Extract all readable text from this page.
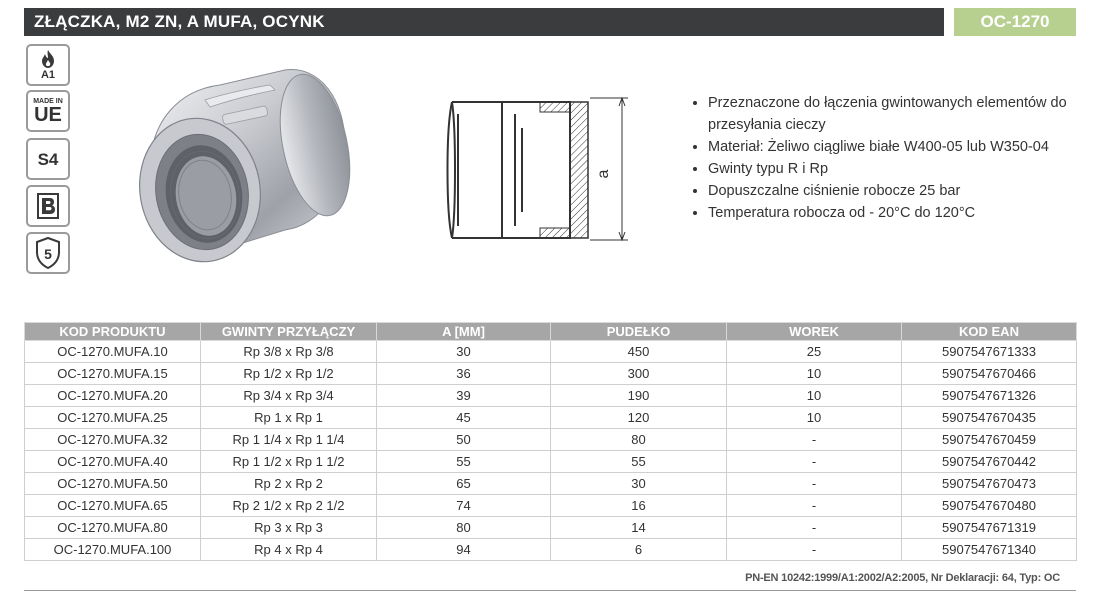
ZŁĄCZKA, M2 ZN, A MUFA, OCYNK	OC-1270
A1
MADE IN
UE
S4
5
a
• Przeznaczone do łączenia gwintowanych elementów do przesyłania cieczy
• Materiał: Żeliwo ciągliwe białe W400-05 lub W350-04
• Gwinty typu R i Rp
• Dopuszczalne ciśnienie robocze 25 bar
• Temperatura robocza od - 20°C do 120°C
KOD PRODUKTU	GWINTY PRZYŁĄCZY	A [MM]	PUDEŁKO	WOREK	KOD EAN
OC-1270.MUFA.10	Rp 3/8 x Rp 3/8	30	450	25	5907547671333
OC-1270.MUFA.15	Rp 1/2 x Rp 1/2	36	300	10	5907547670466
OC-1270.MUFA.20	Rp 3/4 x Rp 3/4	39	190	10	5907547671326
OC-1270.MUFA.25	Rp 1 x Rp 1	45	120	10	5907547670435
OC-1270.MUFA.32	Rp 1 1/4 x Rp 1 1/4	50	80	-	5907547670459
OC-1270.MUFA.40	Rp 1 1/2 x Rp 1 1/2	55	55	-	5907547670442
OC-1270.MUFA.50	Rp 2 x Rp 2	65	30	-	5907547670473
OC-1270.MUFA.65	Rp 2 1/2 x Rp 2 1/2	74	16	-	5907547670480
OC-1270.MUFA.80	Rp 3 x Rp 3	80	14	-	5907547671319
OC-1270.MUFA.100	Rp 4 x Rp 4	94	6	-	5907547671340
PN-EN 10242:1999/A1:2002/A2:2005, Nr Deklaracji: 64, Typ: OC
